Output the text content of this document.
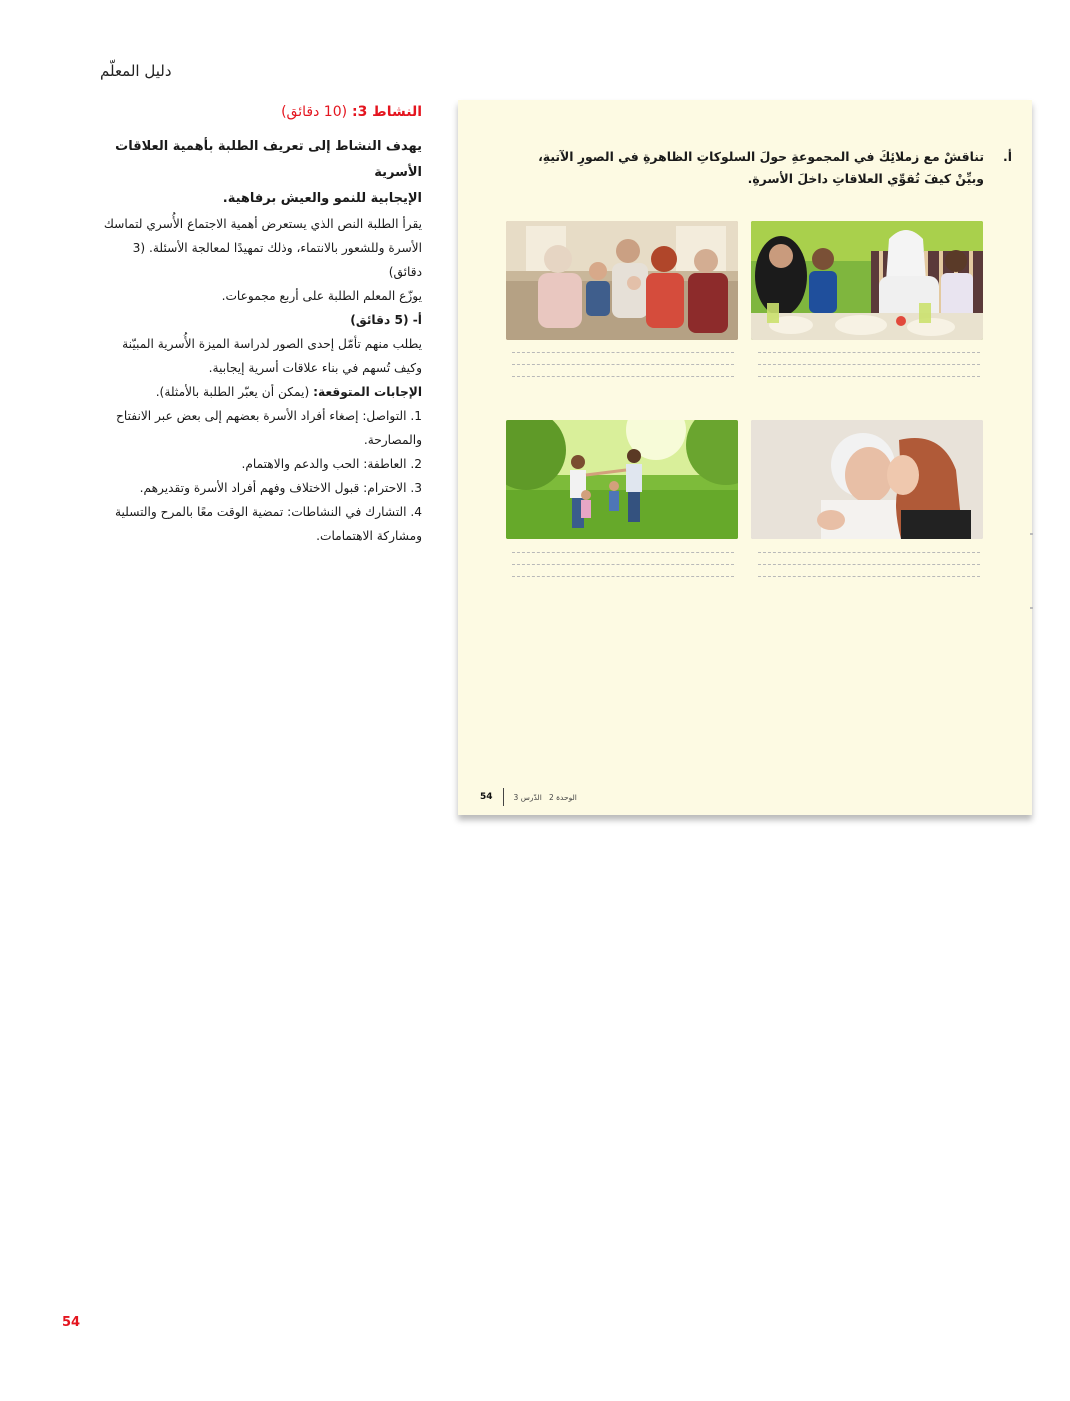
دليل المعلّم
النشاط 3: (10 دقائق)

يهدف النشاط إلى تعريف الطلبة بأهمية العلاقات الأسرية

الإيجابية للنمو والعيش برفاهية.

يقرأ الطلبة النص الذي يستعرض أهمية الاجتماع الأُسري لتماسك الأسرة وللشعور بالانتماء، وذلك تمهيدًا لمعالجة الأسئلة. (3 دقائق)

يوزّع المعلم الطلبة على أربع مجموعات.

أ- (5 دقائق)

يطلب منهم تأمّل إحدى الصور لدراسة الميزة الأُسرية المبيّنة وكيف تُسهم في بناء علاقات أسرية إيجابية.

الإجابات المتوقعة: (يمكن أن يعبّر الطلبة بالأمثلة).

1. التواصل: إصغاء أفراد الأسرة بعضهم إلى بعض عبر الانفتاح والمصارحة.
2. العاطفة: الحب والدعم والاهتمام.
3. الاحترام: قبول الاختلاف وفهم أفراد الأسرة وتقديرهم.
4. التشارك في النشاطات: تمضية الوقت معًا بالمرح والتسلية ومشاركة الاهتمامات.
أ.
تناقشْ مع زملائِكَ في المجموعةِ حولَ السلوكاتِ الظاهرةِ في الصورِ الآتيةِ، وبيِّنْ كيفَ تُقوِّي العلاقاتِ داخلَ الأسرةِ.
54	الوحدة 2   الدّرس 3
54
